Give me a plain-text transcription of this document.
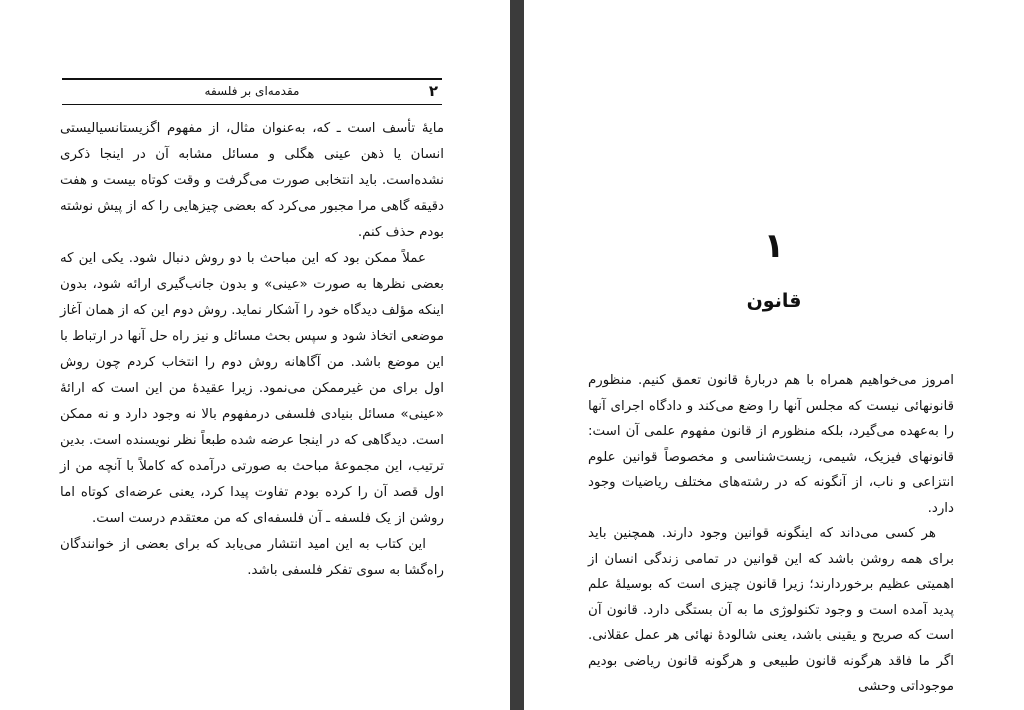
۲
مقدمه‌ای بر فلسفه

مایهٔ تأسف است ـ که، به‌عنوان مثال، از مفهوم اگزیستانسیالیستی انسان یا ذهن عینی هگلی و مسائل مشابه آن در اینجا ذکری نشده‌است. باید انتخابی صورت می‌گرفت و وقت کوتاه بیست و هفت دقیقه گاهی مرا مجبور می‌کرد که بعضی چیزهایی را که از پیش نوشته بودم حذف کنم.

عملاً ممکن بود که این مباحث با دو روش دنبال شود. یکی این که بعضی نظرها به صورت «عینی» و بدون جانب‌گیری ارائه شود، بدون اینکه مؤلف دیدگاه خود را آشکار نماید. روش دوم این که از همان آغاز موضعی اتخاذ شود و سپس بحث مسائل و نیز راه حل آنها در ارتباط با این موضع باشد. من آگاهانه روش دوم را انتخاب کردم چون روش اول برای من غیرممکن می‌نمود. زیرا عقیدهٔ من این است که ارائهٔ «عینی» مسائل بنیادی فلسفی درمفهوم بالا نه وجود دارد و نه ممکن است. دیدگاهی که در اینجا عرضه شده طبعاً نظر نویسنده است. بدین ترتیب، این مجموعهٔ مباحث به صورتی درآمده که کاملاً با آنچه من از اول قصد آن را کرده بودم تفاوت پیدا کرد، یعنی عرضه‌ای کوتاه اما روشن از یک فلسفه ـ آن فلسفه‌ای که من معتقدم درست است.

این کتاب به این امید انتشار می‌یابد که برای بعضی از خوانندگان راه‌گشا به سوی تفکر فلسفی باشد.

۱
قانون

امروز می‌خواهیم همراه با هم دربارهٔ قانون تعمق کنیم. منظورم قانونهائی نیست که مجلس آنها را وضع می‌کند و دادگاه اجرای آنها را به‌عهده می‌گیرد، بلکه منظورم از قانون مفهوم علمی آن است: قانونهای فیزیک، شیمی، زیست‌شناسی و مخصوصاً قوانین علوم انتزاعی و ناب، از آنگونه که در رشته‌های مختلف ریاضیات وجود دارد.

هر کسی می‌داند که اینگونه قوانین وجود دارند. همچنین باید برای همه روشن باشد که این قوانین در تمامی زندگی انسان از اهمیتی عظیم برخوردارند؛ زیرا قانون چیزی است که بوسیلهٔ علم پدید آمده است و وجود تکنولوژی ما به آن بستگی دارد. قانون آن است که صریح و یقینی باشد، یعنی شالودهٔ نهائی هر عمل عقلانی. اگر ما فاقد هرگونه قانون طبیعی و هرگونه قانون ریاضی بودیم موجوداتی وحشی
